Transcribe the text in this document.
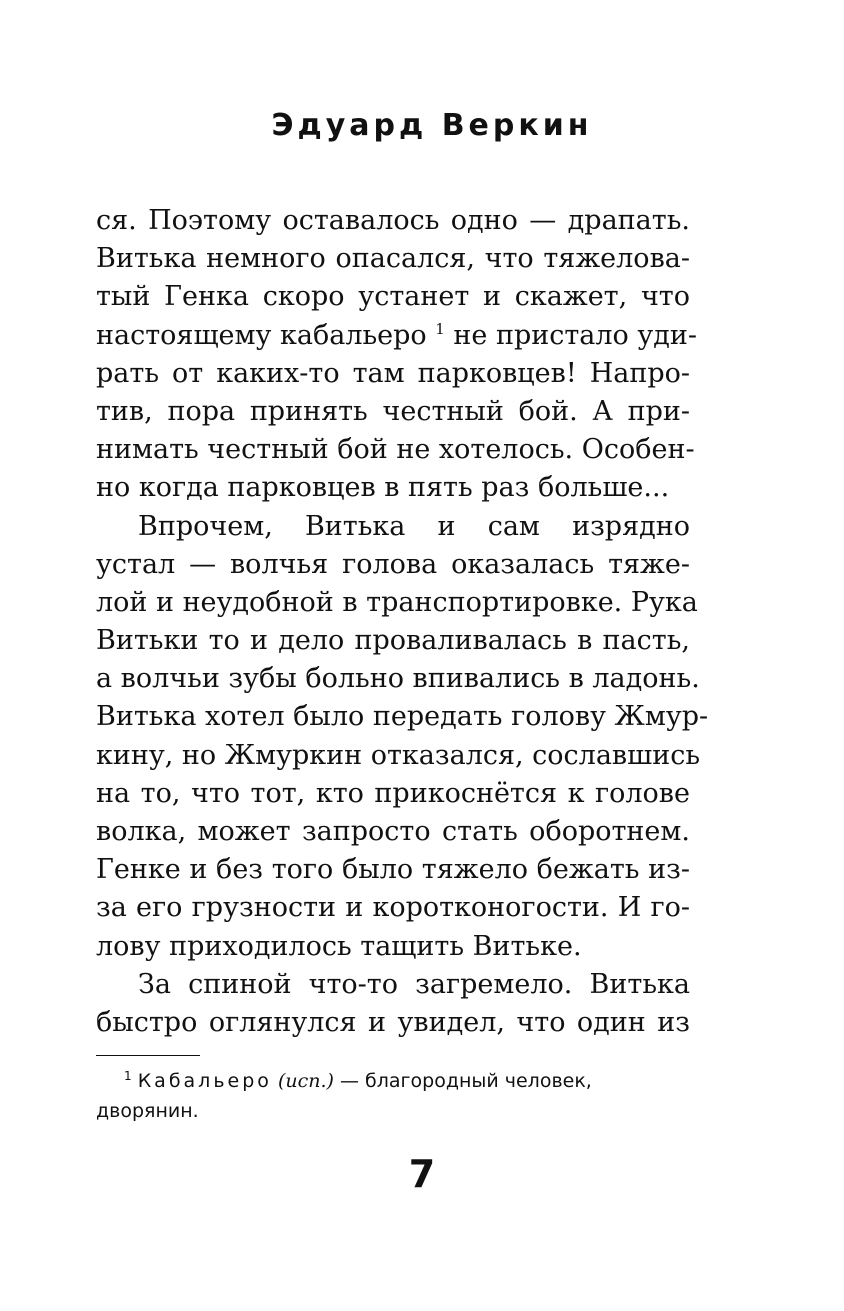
Эдуард Веркин
ся. Поэтому оставалось одно — драпать.
Витька немного опасался, что тяжелова-
тый Генка скоро устанет и скажет, что
настоящему кабальеро $^1$ не пристало уди-
рать от каких-то там парковцев! Напро-
тив, пора принять честный бой. А при-
нимать честный бой не хотелось. Особен-
но когда парковцев в пять раз больше...
Впрочем, Витька и сам изрядно
устал — волчья голова оказалась тяже-
лой и неудобной в транспортировке. Рука
Витьки то и дело проваливалась в пасть,
а волчьи зубы больно впивались в ладонь.
Витька хотел было передать голову Жмур-
кину, но Жмуркин отказался, сославшись
на то, что тот, кто прикоснётся к голове
волка, может запросто стать оборотнем.
Генке и без того было тяжело бежать из-
за его грузности и коротконогости. И го-
лову приходилось тащить Витьке.
За спиной что-то загремело. Витька
быстро оглянулся и увидел, что один из
$^1$ Кабальеро (исп.) — благородный человек,
дворянин.
7
